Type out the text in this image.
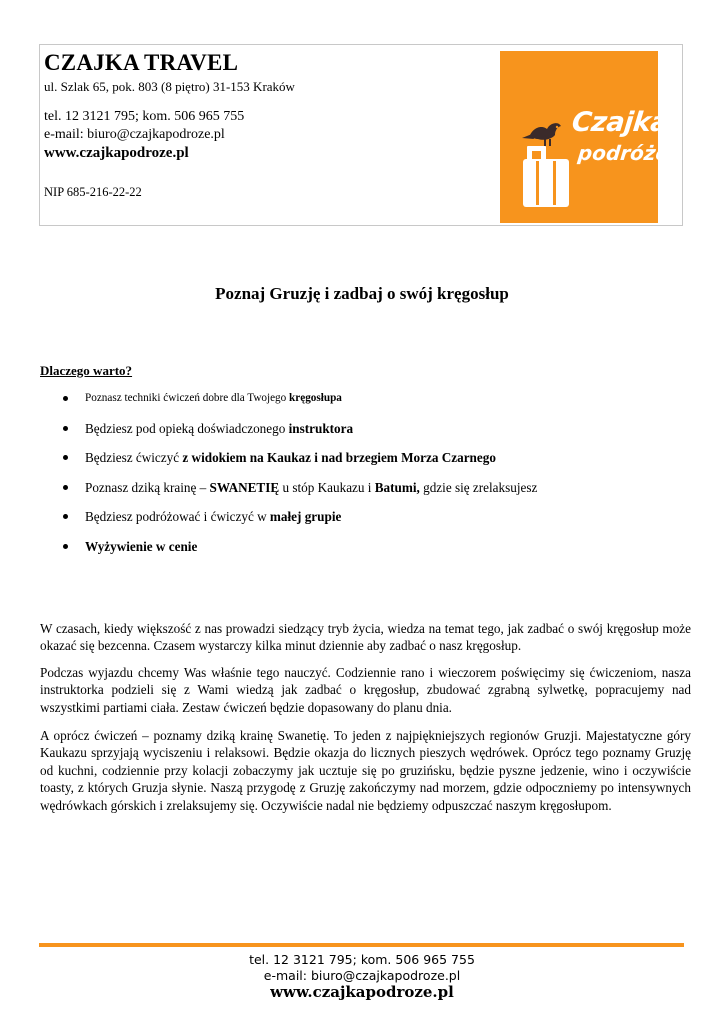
CZAJKA TRAVEL
ul. Szlak 65, pok. 803 (8 piętro) 31-153 Kraków
tel. 12 3121 795; kom. 506 965 755
e-mail: biuro@czajkapodroze.pl
www.czajkapodroze.pl
NIP 685-216-22-22
Czajka
podróże
Poznaj Gruzję i zadbaj o swój kręgosłup
Dlaczego warto?
Poznasz techniki ćwiczeń dobre dla Twojego kręgosłupa
Będziesz pod opieką doświadczonego instruktora
Będziesz ćwiczyć z widokiem na Kaukaz i nad brzegiem Morza Czarnego
Poznasz dziką krainę – SWANETIĘ u stóp Kaukazu i Batumi, gdzie się zrelaksujesz
Będziesz podróżować i ćwiczyć w małej grupie
Wyżywienie w cenie

W czasach, kiedy większość z nas prowadzi siedzący tryb życia, wiedza na temat tego, jak zadbać o swój kręgosłup może okazać się bezcenna. Czasem wystarczy kilka minut dziennie aby zadbać o nasz kręgosłup.

Podczas wyjazdu chcemy Was właśnie tego nauczyć. Codziennie rano i wieczorem poświęcimy się ćwiczeniom, nasza instruktorka podzieli się z Wami wiedzą jak zadbać o kręgosłup, zbudować zgrabną sylwetkę, popracujemy nad wszystkimi partiami ciała. Zestaw ćwiczeń będzie dopasowany do planu dnia.

A oprócz ćwiczeń – poznamy dziką krainę Swanetię. To jeden z najpiękniejszych regionów Gruzji. Majestatyczne góry Kaukazu sprzyjają wyciszeniu i relaksowi. Będzie okazja do licznych pieszych wędrówek. Oprócz tego poznamy Gruzję od kuchni, codziennie przy kolacji zobaczymy jak ucztuje się po gruzińsku, będzie pyszne jedzenie, wino i oczywiście toasty, z których Gruzja słynie. Naszą przygodę z Gruzję zakończymy nad morzem, gdzie odpoczniemy po intensywnych wędrówkach górskich i zrelaksujemy się. Oczywiście nadal nie będziemy odpuszczać naszym kręgosłupom.

tel. 12 3121 795; kom. 506 965 755
e-mail: biuro@czajkapodroze.pl
www.czajkapodroze.pl
